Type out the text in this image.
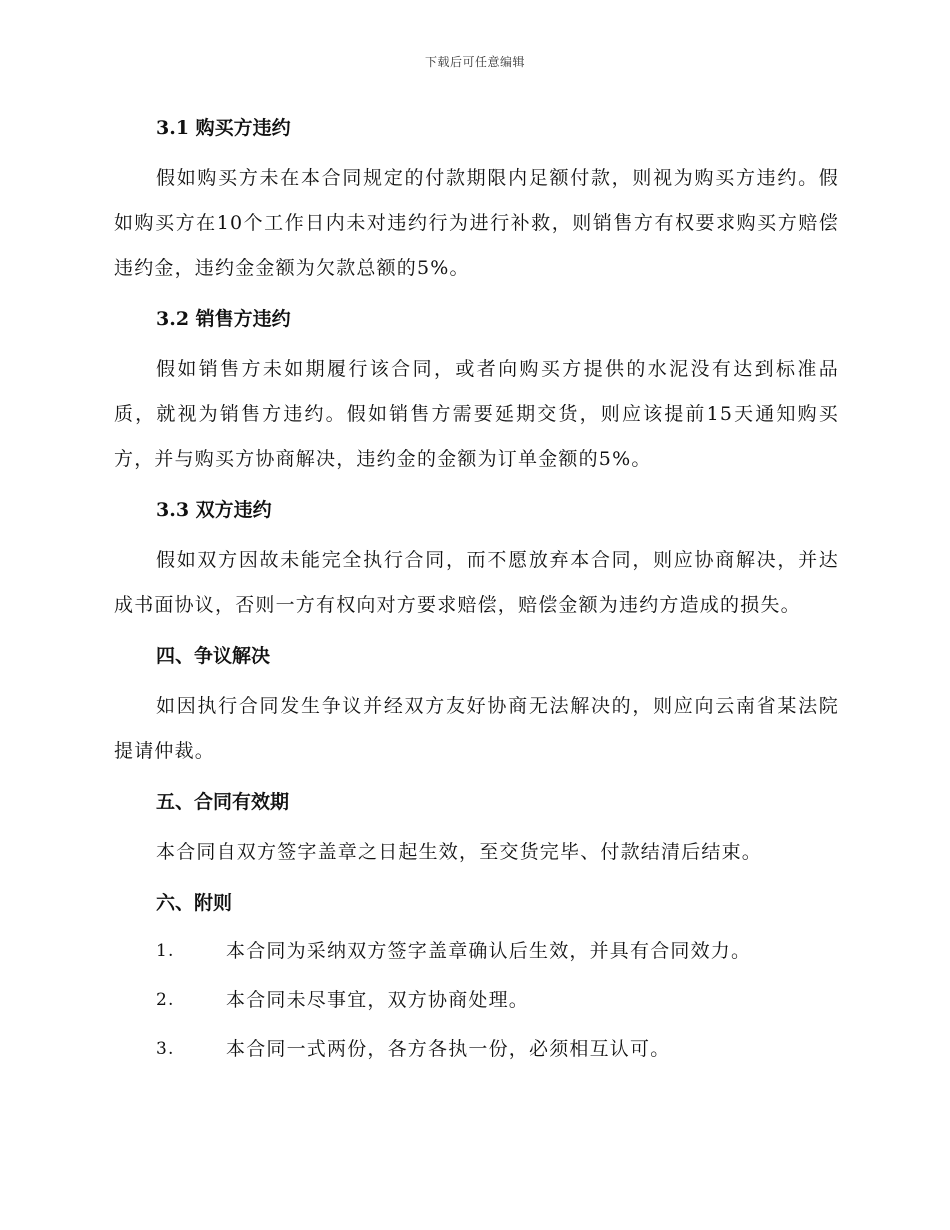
下载后可任意编辑
3.1 购买方违约

假如购买方未在本合同规定的付款期限内足额付款，则视为购买方违约。假如购买方在10个工作日内未对违约行为进行补救，则销售方有权要求购买方赔偿违约金，违约金金额为欠款总额的5%。

3.2 销售方违约

假如销售方未如期履行该合同，或者向购买方提供的水泥没有达到标准品质，就视为销售方违约。假如销售方需要延期交货，则应该提前15天通知购买方，并与购买方协商解决，违约金的金额为订单金额的5%。

3.3 双方违约

假如双方因故未能完全执行合同，而不愿放弃本合同，则应协商解决，并达成书面协议，否则一方有权向对方要求赔偿，赔偿金额为违约方造成的损失。

四、争议解决

如因执行合同发生争议并经双方友好协商无法解决的，则应向云南省某法院提请仲裁。

五、合同有效期

本合同自双方签字盖章之日起生效，至交货完毕、付款结清后结束。

六、附则
1.	本合同为采纳双方签字盖章确认后生效，并具有合同效力。
2.	本合同未尽事宜，双方协商处理。
3.	本合同一式两份，各方各执一份，必须相互认可。
